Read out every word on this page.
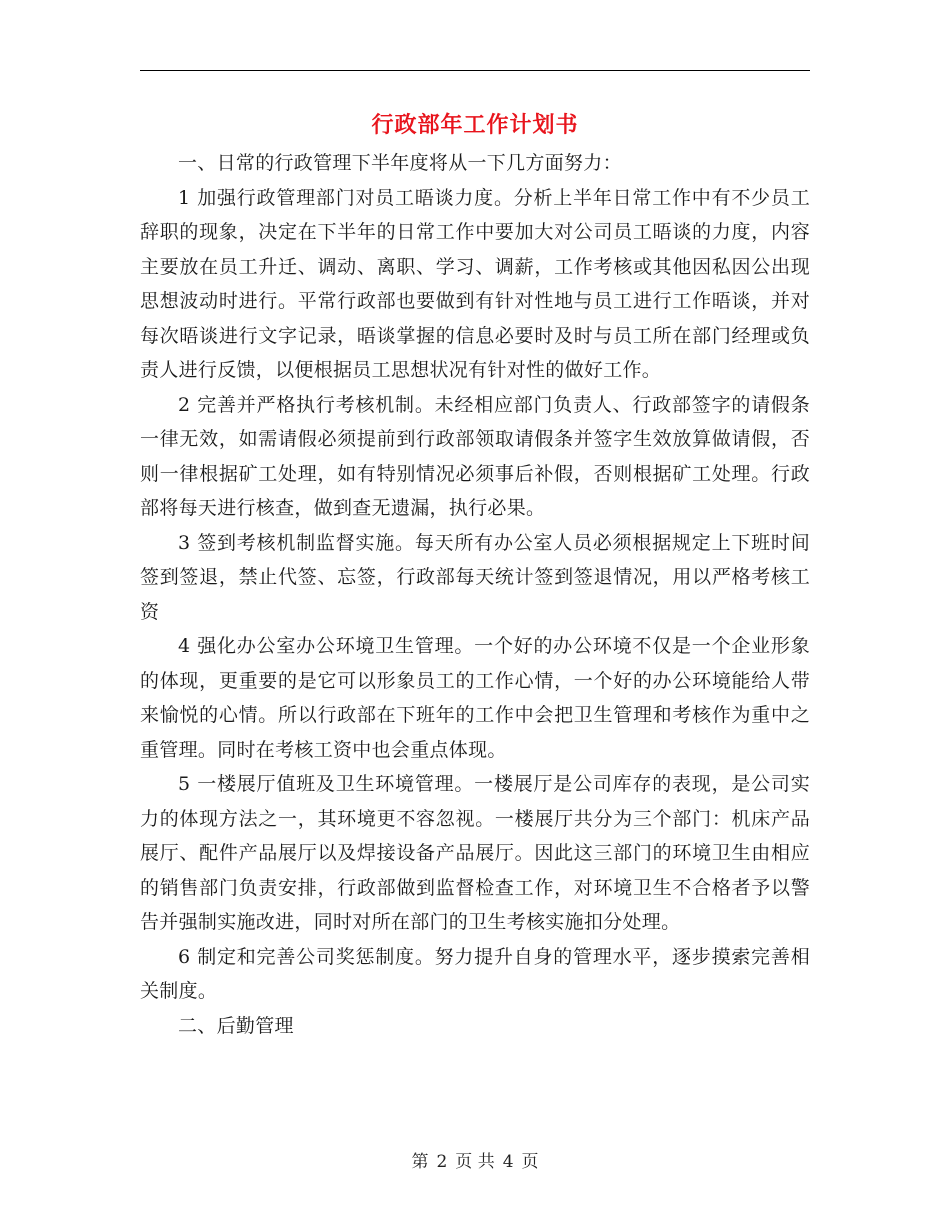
行政部年工作计划书

一、日常的行政管理下半年度将从一下几方面努力：

1 加强行政管理部门对员工晤谈力度。分析上半年日常工作中有不少员工辞职的现象，决定在下半年的日常工作中要加大对公司员工晤谈的力度，内容主要放在员工升迁、调动、离职、学习、调薪，工作考核或其他因私因公出现思想波动时进行。平常行政部也要做到有针对性地与员工进行工作晤谈，并对每次晤谈进行文字记录，晤谈掌握的信息必要时及时与员工所在部门经理或负责人进行反馈，以便根据员工思想状况有针对性的做好工作。

2 完善并严格执行考核机制。未经相应部门负责人、行政部签字的请假条一律无效，如需请假必须提前到行政部领取请假条并签字生效放算做请假，否则一律根据矿工处理，如有特别情况必须事后补假，否则根据矿工处理。行政部将每天进行核查，做到查无遗漏，执行必果。

3 签到考核机制监督实施。每天所有办公室人员必须根据规定上下班时间签到签退，禁止代签、忘签，行政部每天统计签到签退情况，用以严格考核工资

4 强化办公室办公环境卫生管理。一个好的办公环境不仅是一个企业形象的体现，更重要的是它可以形象员工的工作心情，一个好的办公环境能给人带来愉悦的心情。所以行政部在下班年的工作中会把卫生管理和考核作为重中之重管理。同时在考核工资中也会重点体现。

5 一楼展厅值班及卫生环境管理。一楼展厅是公司库存的表现，是公司实力的体现方法之一，其环境更不容忽视。一楼展厅共分为三个部门：机床产品展厅、配件产品展厅以及焊接设备产品展厅。因此这三部门的环境卫生由相应的销售部门负责安排，行政部做到监督检查工作，对环境卫生不合格者予以警告并强制实施改进，同时对所在部门的卫生考核实施扣分处理。

6 制定和完善公司奖惩制度。努力提升自身的管理水平，逐步摸索完善相关制度。

二、后勤管理

第 2 页 共 4 页
